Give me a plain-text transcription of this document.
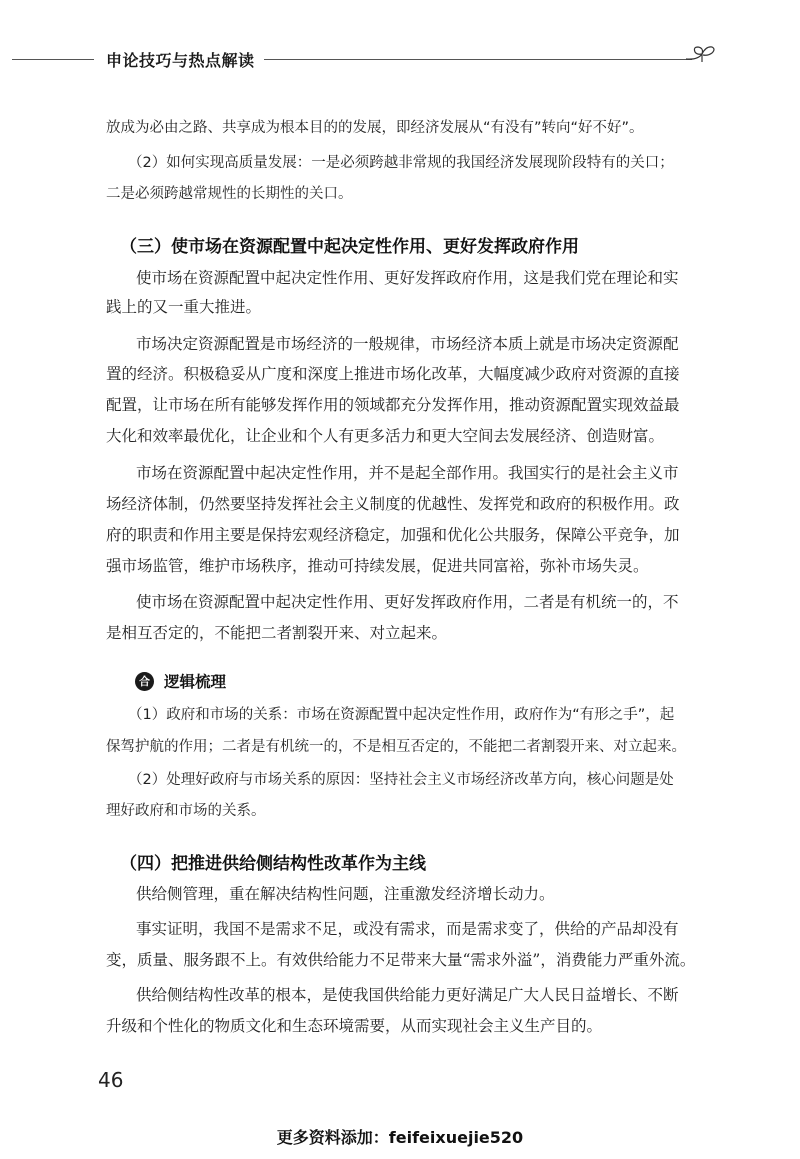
申论技巧与热点解读
放成为必由之路、共享成为根本目的的发展，即经济发展从“有没有”转向“好不好”。
（2）如何实现高质量发展：一是必须跨越非常规的我国经济发展现阶段特有的关口；
二是必须跨越常规性的长期性的关口。
（三）使市场在资源配置中起决定性作用、更好发挥政府作用
使市场在资源配置中起决定性作用、更好发挥政府作用，这是我们党在理论和实
践上的又一重大推进。
市场决定资源配置是市场经济的一般规律，市场经济本质上就是市场决定资源配
置的经济。积极稳妥从广度和深度上推进市场化改革，大幅度减少政府对资源的直接
配置，让市场在所有能够发挥作用的领域都充分发挥作用，推动资源配置实现效益最
大化和效率最优化，让企业和个人有更多活力和更大空间去发展经济、创造财富。
市场在资源配置中起决定性作用，并不是起全部作用。我国实行的是社会主义市
场经济体制，仍然要坚持发挥社会主义制度的优越性、发挥党和政府的积极作用。政
府的职责和作用主要是保持宏观经济稳定，加强和优化公共服务，保障公平竞争，加
强市场监管，维护市场秩序，推动可持续发展，促进共同富裕，弥补市场失灵。
使市场在资源配置中起决定性作用、更好发挥政府作用，二者是有机统一的，不
是相互否定的，不能把二者割裂开来、对立起来。
合 逻辑梳理
（1）政府和市场的关系：市场在资源配置中起决定性作用，政府作为“有形之手”，起
保驾护航的作用；二者是有机统一的，不是相互否定的，不能把二者割裂开来、对立起来。
（2）处理好政府与市场关系的原因：坚持社会主义市场经济改革方向，核心问题是处
理好政府和市场的关系。
（四）把推进供给侧结构性改革作为主线
供给侧管理，重在解决结构性问题，注重激发经济增长动力。
事实证明，我国不是需求不足，或没有需求，而是需求变了，供给的产品却没有
变，质量、服务跟不上。有效供给能力不足带来大量“需求外溢”，消费能力严重外流。
供给侧结构性改革的根本，是使我国供给能力更好满足广大人民日益增长、不断
升级和个性化的物质文化和生态环境需要，从而实现社会主义生产目的。
46
更多资料添加：feifeixuejie520
